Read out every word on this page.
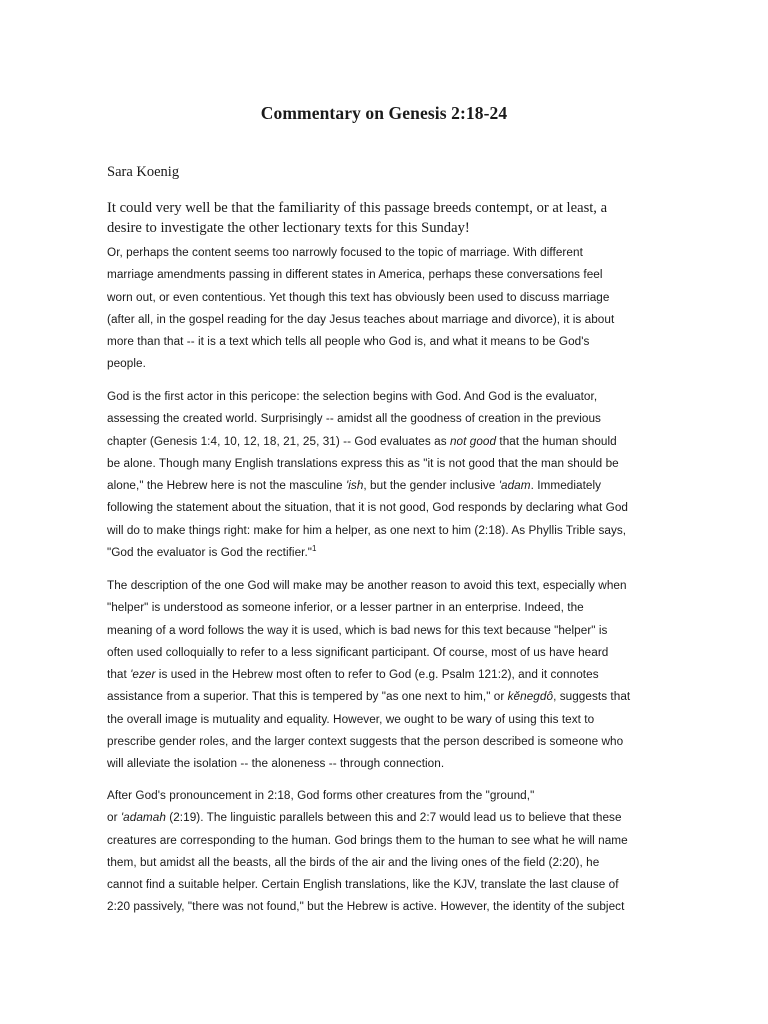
Commentary on Genesis 2:18-24

Sara Koenig

It could very well be that the familiarity of this passage breeds contempt, or at least, a
desire to investigate the other lectionary texts for this Sunday!

Or, perhaps the content seems too narrowly focused to the topic of marriage. With different
marriage amendments passing in different states in America, perhaps these conversations feel
worn out, or even contentious. Yet though this text has obviously been used to discuss marriage
(after all, in the gospel reading for the day Jesus teaches about marriage and divorce), it is about
more than that -- it is a text which tells all people who God is, and what it means to be God's
people.

God is the first actor in this pericope: the selection begins with God. And God is the evaluator,
assessing the created world. Surprisingly -- amidst all the goodness of creation in the previous
chapter (Genesis 1:4, 10, 12, 18, 21, 25, 31) -- God evaluates as not good that the human should
be alone. Though many English translations express this as "it is not good that the man should be
alone," the Hebrew here is not the masculine 'ish, but the gender inclusive 'adam. Immediately
following the statement about the situation, that it is not good, God responds by declaring what God
will do to make things right: make for him a helper, as one next to him (2:18). As Phyllis Trible says,
"God the evaluator is God the rectifier."$^1$

The description of the one God will make may be another reason to avoid this text, especially when
"helper" is understood as someone inferior, or a lesser partner in an enterprise. Indeed, the
meaning of a word follows the way it is used, which is bad news for this text because "helper" is
often used colloquially to refer to a less significant participant. Of course, most of us have heard
that 'ezer is used in the Hebrew most often to refer to God (e.g. Psalm 121:2), and it connotes
assistance from a superior. That this is tempered by "as one next to him," or kĕnegdô, suggests that
the overall image is mutuality and equality. However, we ought to be wary of using this text to
prescribe gender roles, and the larger context suggests that the person described is someone who
will alleviate the isolation -- the aloneness -- through connection.

After God's pronouncement in 2:18, God forms other creatures from the "ground,"
or 'adamah (2:19). The linguistic parallels between this and 2:7 would lead us to believe that these
creatures are corresponding to the human. God brings them to the human to see what he will name
them, but amidst all the beasts, all the birds of the air and the living ones of the field (2:20), he
cannot find a suitable helper. Certain English translations, like the KJV, translate the last clause of
2:20 passively, "there was not found," but the Hebrew is active. However, the identity of the subject
